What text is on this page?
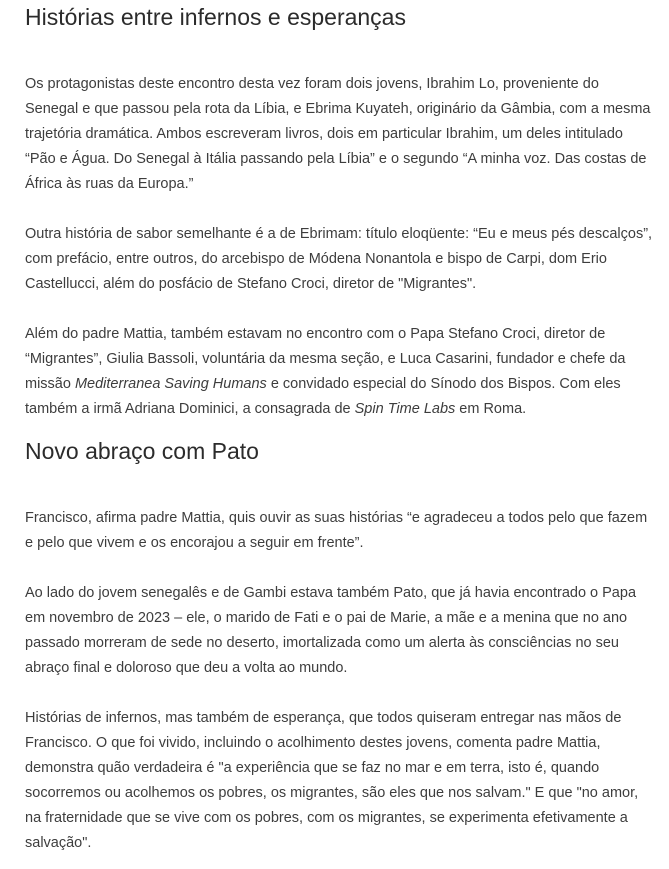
Histórias entre infernos e esperanças

Os protagonistas deste encontro desta vez foram dois jovens, Ibrahim Lo, proveniente do Senegal e que passou pela rota da Líbia, e Ebrima Kuyateh, originário da Gâmbia, com a mesma trajetória dramática. Ambos escreveram livros, dois em particular Ibrahim, um deles intitulado “Pão e Água. Do Senegal à Itália passando pela Líbia” e o segundo “A minha voz. Das costas de África às ruas da Europa.”

Outra história de sabor semelhante é a de Ebrimam: título eloqüente: “Eu e meus pés descalços”, com prefácio, entre outros, do arcebispo de Módena Nonantola e bispo de Carpi, dom Erio Castellucci, além do posfácio de Stefano Croci, diretor de "Migrantes".

Além do padre Mattia, também estavam no encontro com o Papa Stefano Croci, diretor de “Migrantes”, Giulia Bassoli, voluntária da mesma seção, e Luca Casarini, fundador e chefe da missão Mediterranea Saving Humans e convidado especial do Sínodo dos Bispos. Com eles também a irmã Adriana Dominici, a consagrada de Spin Time Labs em Roma.

Novo abraço com Pato

Francisco, afirma padre Mattia, quis ouvir as suas histórias “e agradeceu a todos pelo que fazem e pelo que vivem e os encorajou a seguir em frente”.

Ao lado do jovem senegalês e de Gambi estava também Pato, que já havia encontrado o Papa em novembro de 2023 – ele, o marido de Fati e o pai de Marie, a mãe e a menina que no ano passado morreram de sede no deserto, imortalizada como um alerta às consciências no seu abraço final e doloroso que deu a volta ao mundo.

Histórias de infernos, mas também de esperança, que todos quiseram entregar nas mãos de Francisco. O que foi vivido, incluindo o acolhimento destes jovens, comenta padre Mattia, demonstra quão verdadeira é "a experiência que se faz no mar e em terra, isto é, quando socorremos ou acolhemos os pobres, os migrantes, são eles que nos salvam." E que "no amor, na fraternidade que se vive com os pobres, com os migrantes, se experimenta efetivamente a salvação".
